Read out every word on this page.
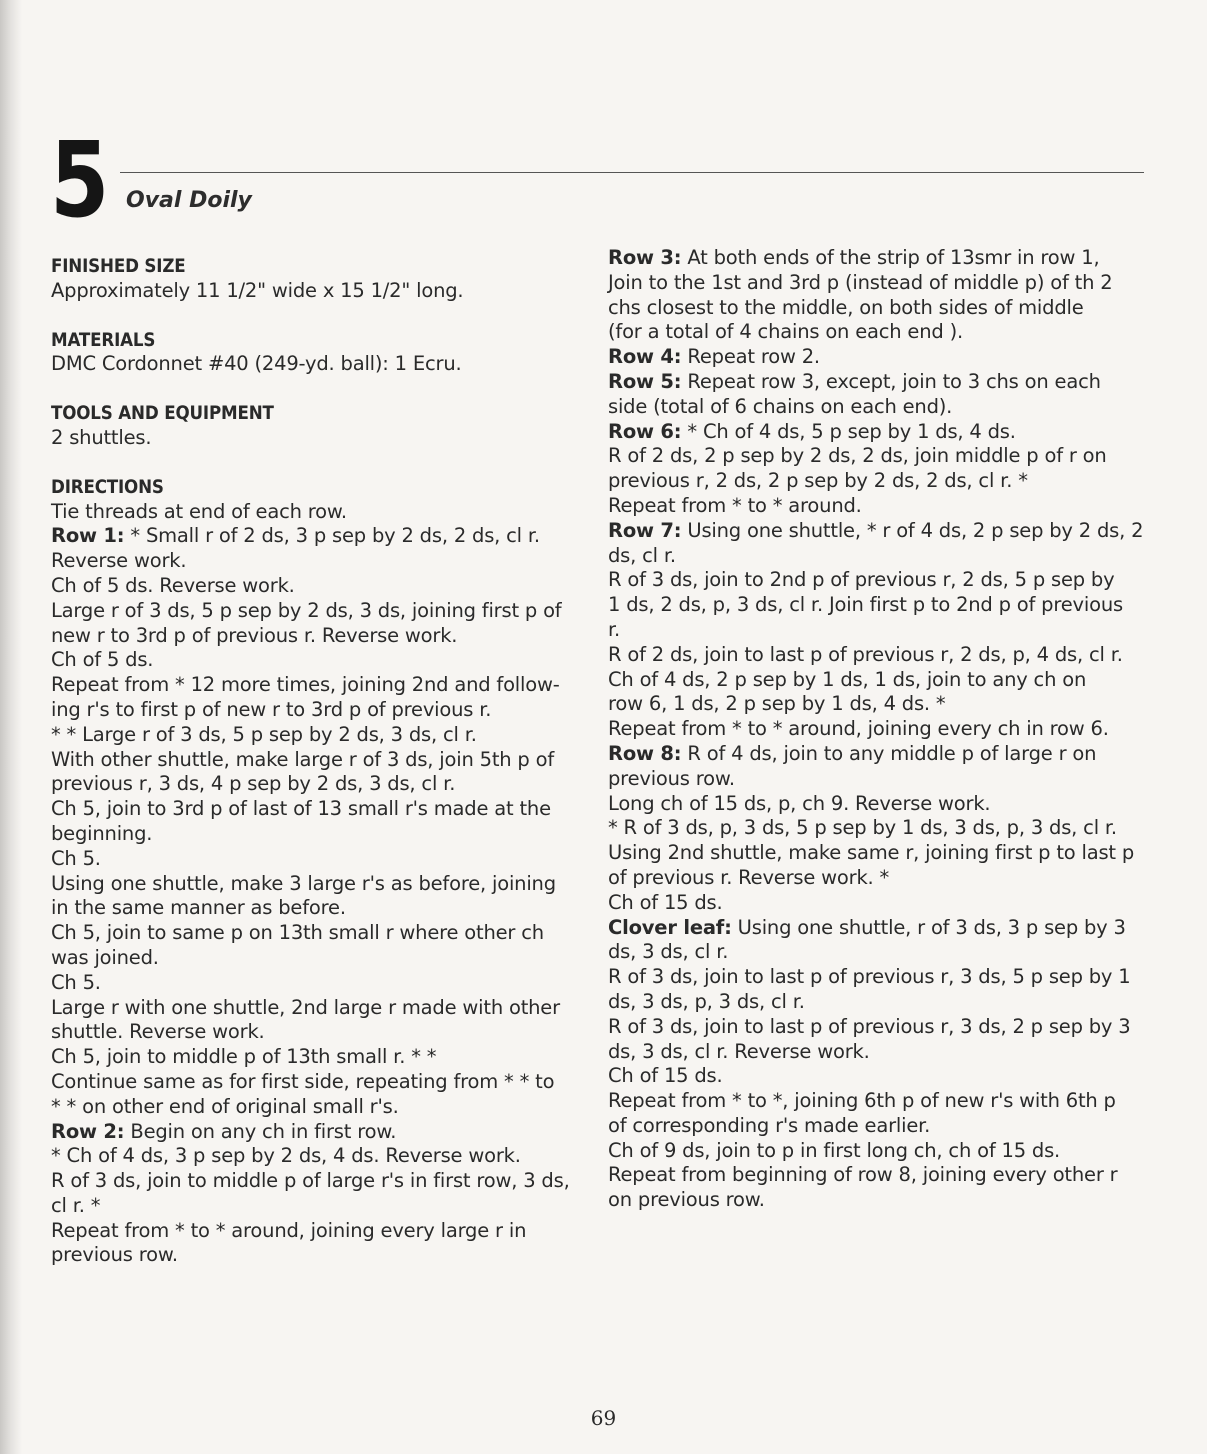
5 Oval Doily

FINISHED SIZE

Approximately 11 1/2" wide x 15 1/2" long.

MATERIALS

DMC Cordonnet #40 (249-yd. ball): 1 Ecru.

TOOLS AND EQUIPMENT

2 shuttles.

DIRECTIONS

Tie threads at end of each row.

Row 1: * Small r of 2 ds, 3 p sep by 2 ds, 2 ds, cl r.

Reverse work.

Ch of 5 ds. Reverse work.

Large r of 3 ds, 5 p sep by 2 ds, 3 ds, joining first p of

new r to 3rd p of previous r. Reverse work.

Ch of 5 ds.

Repeat from * 12 more times, joining 2nd and follow-

ing r's to first p of new r to 3rd p of previous r.

* * Large r of 3 ds, 5 p sep by 2 ds, 3 ds, cl r.

With other shuttle, make large r of 3 ds, join 5th p of

previous r, 3 ds, 4 p sep by 2 ds, 3 ds, cl r.

Ch 5, join to 3rd p of last of 13 small r's made at the

beginning.

Ch 5.

Using one shuttle, make 3 large r's as before, joining

in the same manner as before.

Ch 5, join to same p on 13th small r where other ch

was joined.

Ch 5.

Large r with one shuttle, 2nd large r made with other

shuttle. Reverse work.

Ch 5, join to middle p of 13th small r. * *

Continue same as for first side, repeating from * * to

* * on other end of original small r's.

Row 2: Begin on any ch in first row.

* Ch of 4 ds, 3 p sep by 2 ds, 4 ds. Reverse work.

R of 3 ds, join to middle p of large r's in first row, 3 ds,

cl r. *

Repeat from * to * around, joining every large r in

previous row.

Row 3: At both ends of the strip of 13smr in row 1,

Join to the 1st and 3rd p (instead of middle p) of th 2

chs closest to the middle, on both sides of middle

(for a total of 4 chains on each end ).

Row 4: Repeat row 2.

Row 5: Repeat row 3, except, join to 3 chs on each

side (total of 6 chains on each end).

Row 6: * Ch of 4 ds, 5 p sep by 1 ds, 4 ds.

R of 2 ds, 2 p sep by 2 ds, 2 ds, join middle p of r on

previous r, 2 ds, 2 p sep by 2 ds, 2 ds, cl r. *

Repeat from * to * around.

Row 7: Using one shuttle, * r of 4 ds, 2 p sep by 2 ds, 2

ds, cl r.

R of 3 ds, join to 2nd p of previous r, 2 ds, 5 p sep by

1 ds, 2 ds, p, 3 ds, cl r. Join first p to 2nd p of previous

r.

R of 2 ds, join to last p of previous r, 2 ds, p, 4 ds, cl r.

Ch of 4 ds, 2 p sep by 1 ds, 1 ds, join to any ch on

row 6, 1 ds, 2 p sep by 1 ds, 4 ds. *

Repeat from * to * around, joining every ch in row 6.

Row 8: R of 4 ds, join to any middle p of large r on

previous row.

Long ch of 15 ds, p, ch 9. Reverse work.

* R of 3 ds, p, 3 ds, 5 p sep by 1 ds, 3 ds, p, 3 ds, cl r.

Using 2nd shuttle, make same r, joining first p to last p

of previous r. Reverse work. *

Ch of 15 ds.

Clover leaf: Using one shuttle, r of 3 ds, 3 p sep by 3

ds, 3 ds, cl r.

R of 3 ds, join to last p of previous r, 3 ds, 5 p sep by 1

ds, 3 ds, p, 3 ds, cl r.

R of 3 ds, join to last p of previous r, 3 ds, 2 p sep by 3

ds, 3 ds, cl r. Reverse work.

Ch of 15 ds.

Repeat from * to *, joining 6th p of new r's with 6th p

of corresponding r's made earlier.

Ch of 9 ds, join to p in first long ch, ch of 15 ds.

Repeat from beginning of row 8, joining every other r

on previous row.

69
